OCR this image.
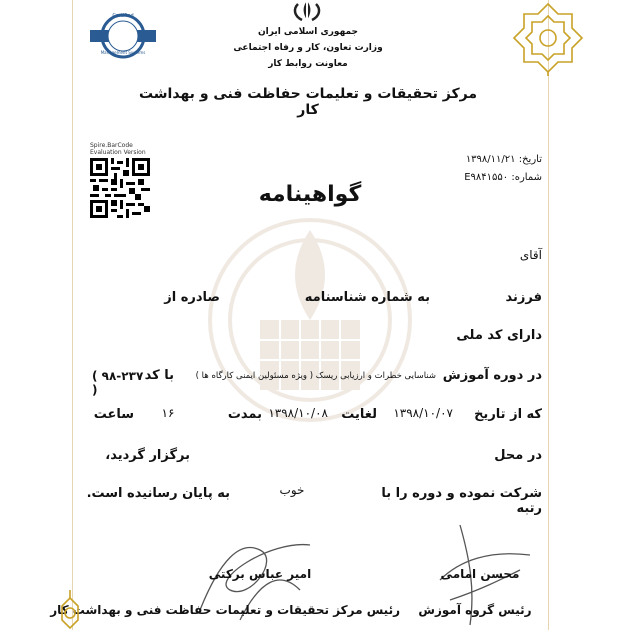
Certified
QS
Management Systems
جمهوری اسلامی ایران
وزارت تعاون، کار و رفاه اجتماعی
معاونت روابط کار
مرکز تحقیقات و تعلیمات حفاظت فنی و بهداشت کار
Spire.BarCode
Evaluation Version
تاریخ: ۱۳۹۸/۱۱/۲۱
شماره: E۹۸۴۱۵۵۰
گواهینامه
آقای
فرزند
به شماره شناسنامه
صادره از
دارای کد ملی
در دوره آموزش
شناسایی خطرات و ارزیابی ریسک ( ویژه مسئولین ایمنی کارگاه ها )
با کد
( ۹۸-۲۳۷ )
که از تاریخ
۱۳۹۸/۱۰/۰۷
لغایت
۱۳۹۸/۱۰/۰۸
بمدت
۱۶
ساعت
در محل
برگزار گردید،
شرکت نموده و دوره را با رتبه
خوب
به پایان رسانیده است.
امیر عباس برکتی
رئیس مرکز تحقیقات و تعلیمات حفاظت فنی و بهداشت کار
محسن امامی
رئیس گروه آموزش
